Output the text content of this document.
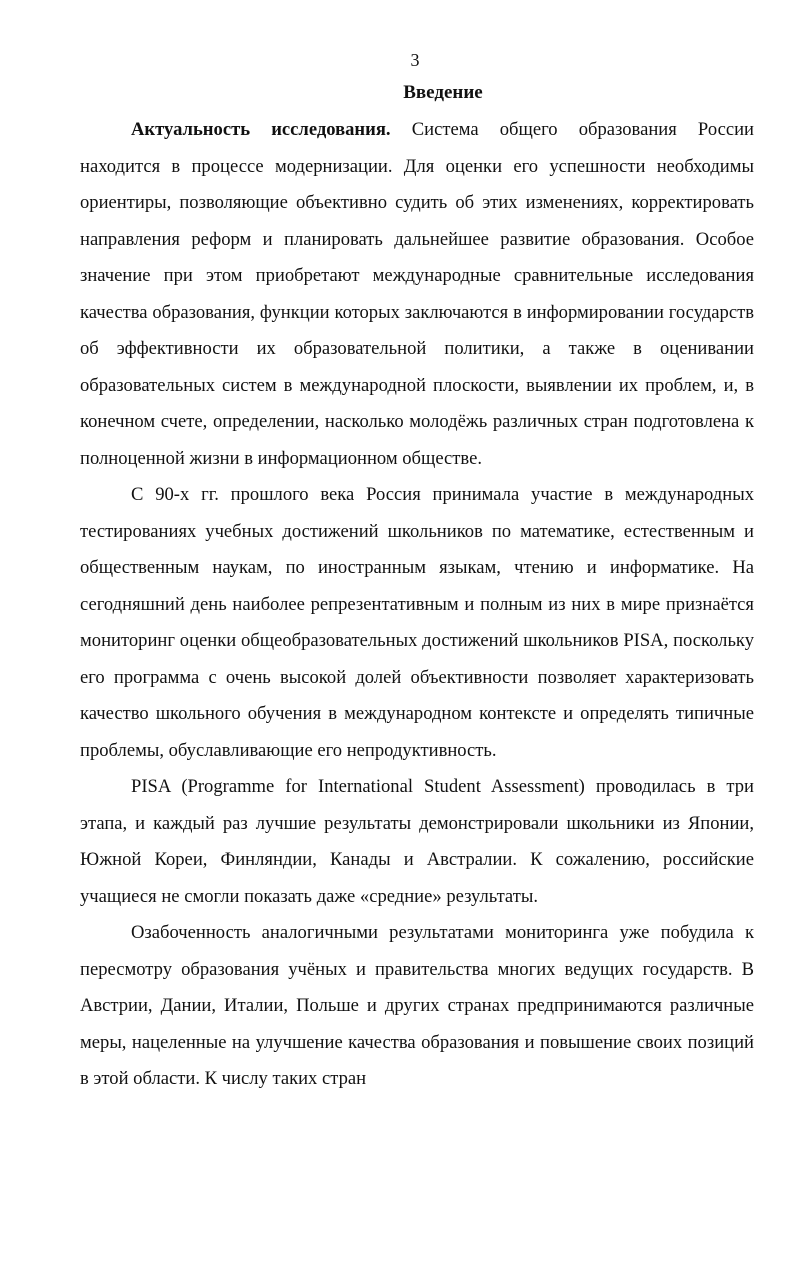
3
Введение

Актуальность исследования. Система общего образования России находится в процессе модернизации. Для оценки его успешности необходимы ориентиры, позволяющие объективно судить об этих изменениях, корректировать направления реформ и планировать дальнейшее развитие образования. Особое значение при этом приобретают международные сравнительные исследования качества образования, функции которых заключаются в информировании государств об эффективности их образовательной политики, а также в оценивании образовательных систем в международной плоскости, выявлении их проблем, и, в конечном счете, определении, насколько молодёжь различных стран подготовлена к полноценной жизни в информационном обществе.

С 90-х гг. прошлого века Россия принимала участие в международных тестированиях учебных достижений школьников по математике, естественным и общественным наукам, по иностранным языкам, чтению и информатике. На сегодняшний день наиболее репрезентативным и полным из них в мире признаётся мониторинг оценки общеобразовательных достижений школьников PISA, поскольку его программа с очень высокой долей объективности позволяет характеризовать качество школьного обучения в международном контексте и определять типичные проблемы, обуславливающие его непродуктивность.

PISA (Programme for International Student Assessment) проводилась в три этапа, и каждый раз лучшие результаты демонстрировали школьники из Японии, Южной Кореи, Финляндии, Канады и Австралии. К сожалению, российские учащиеся не смогли показать даже «средние» результаты.

Озабоченность аналогичными результатами мониторинга уже побудила к пересмотру образования учёных и правительства многих ведущих государств. В Австрии, Дании, Италии, Польше и других странах предпринимаются различные меры, нацеленные на улучшение качества образования и повышение своих позиций в этой области. К числу таких стран
